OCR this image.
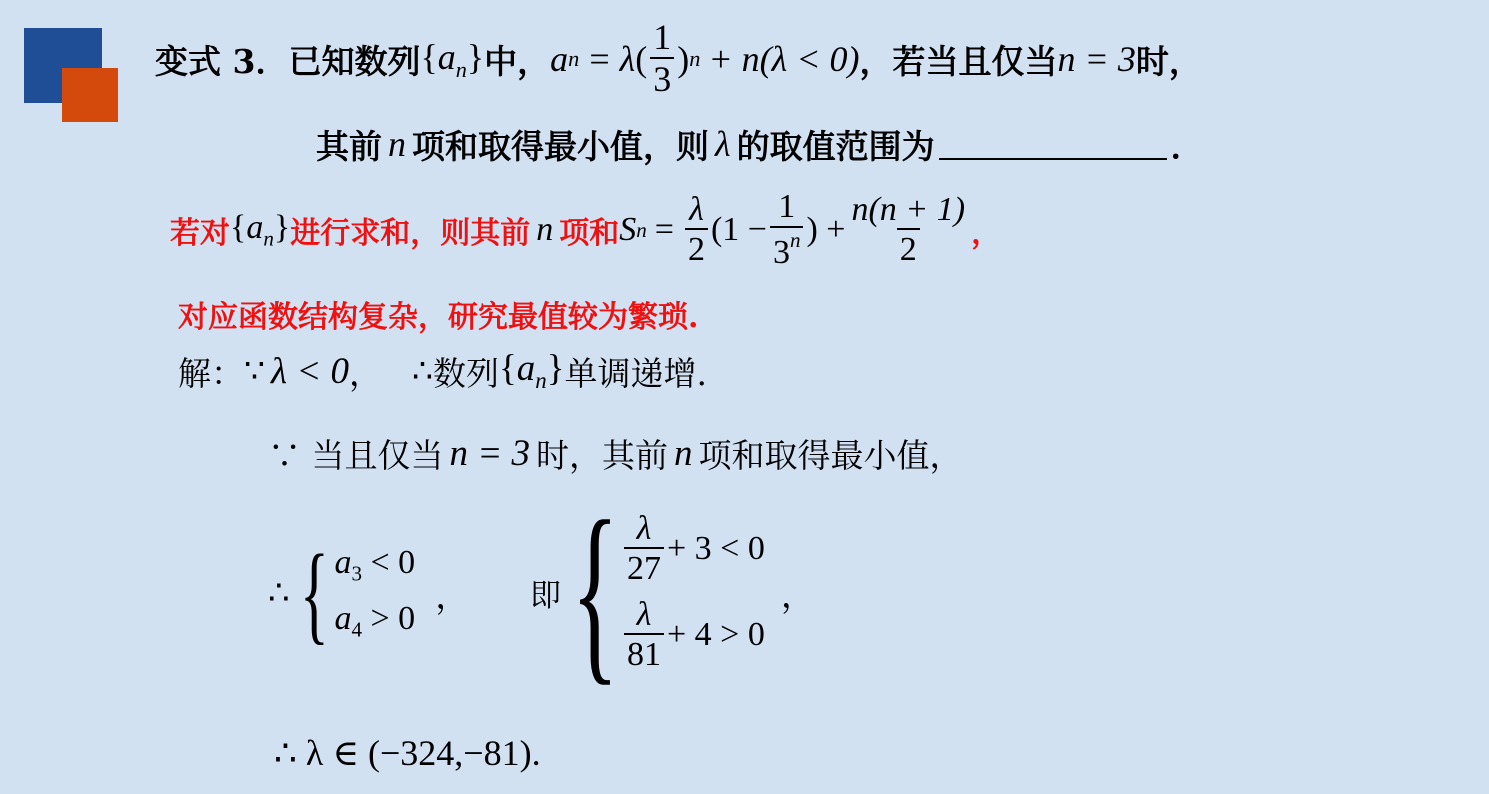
变式 3． 已知数列 $\{a_n\}$ 中， a n = λ ( $\frac{1}{3}$ ) n + n(λ < 0) ，若当且仅当 n = 3 时，
其前 n 项和取得最小值，则 λ 的取值范围为	．
若对 $\{a_n\}$ 进行求和，则其前 n 项和 S $n = \frac{\lambda}{2} (1 - \frac{1}{3^n}$ ) + $\frac{n(n + 1)}{2}$ ，
对应函数结构复杂，研究最值较为繁琐.
解： ∵ λ < 0 ， ∴ 数列 $\{a_n\}$ 单调递增.
∵ 当且仅当 n = 3 时，其前 n 项和取得最小值，
∴ { $a_3 < 0$
$a_4 > 0$
， 即 { $\frac{\lambda}{27} + 3 < 0$
$\frac{\lambda}{81} + 4 > 0$
，
∴ λ ∈ (−324,−81).
